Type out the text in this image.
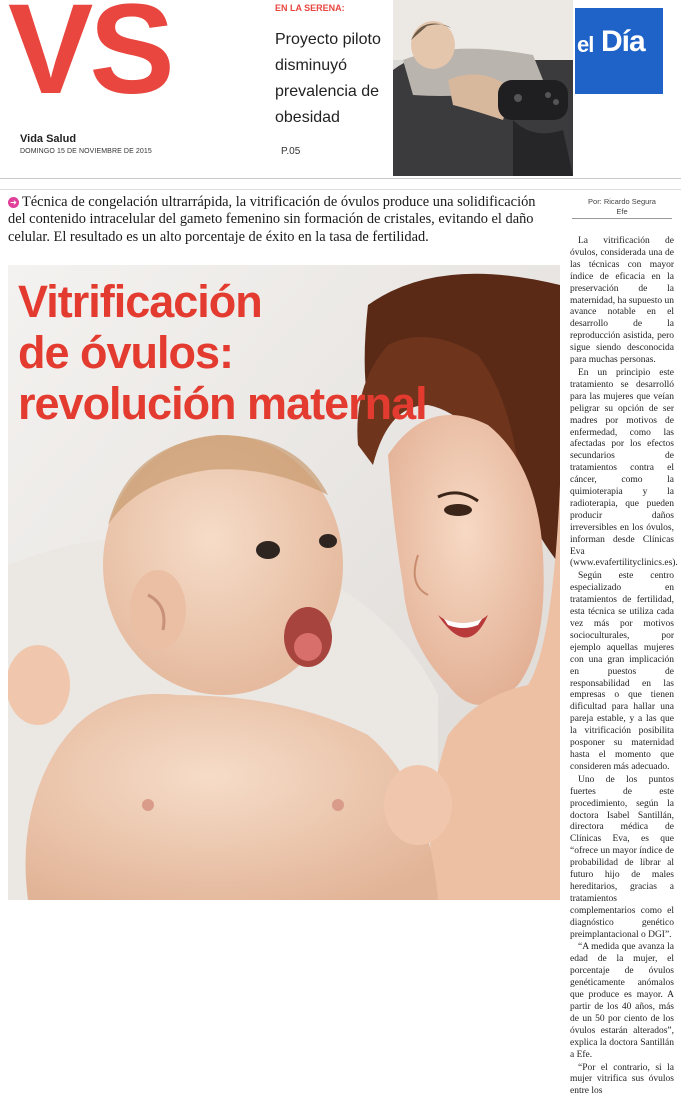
VS
Vida Salud
DOMINGO 15 DE NOVIEMBRE DE 2015
EN LA SERENA:
Proyecto piloto disminuyó prevalencia de obesidad
P.05
el Día
➜ Técnica de congelación ultrarrápida, la vitrificación de óvulos produce una solidificación del contenido intracelular del gameto femenino sin formación de cristales, evitando el daño celular. El resultado es un alto porcentaje de éxito en la tasa de fertilidad.
Por: Ricardo Segura
Efe
Vitrificación
de óvulos:
revolución maternal

La vitrificación de óvulos, considerada una de las técnicas con mayor índice de eficacia en la preservación de la maternidad, ha supuesto un avance notable en el desarrollo de la reproducción asistida, pero sigue siendo desconocida para muchas personas.

En un principio este tratamiento se desarrolló para las mujeres que veían peligrar su opción de ser madres por motivos de enfermedad, como las afectadas por los efectos secundarios de tratamientos contra el cáncer, como la quimioterapia y la radioterapia, que pueden producir daños irreversibles en los óvulos, informan desde Clínicas Eva (www.evafertilityclinics.es).

Según este centro especializado en tratamientos de fertilidad, esta técnica se utiliza cada vez más por motivos socioculturales, por ejemplo aquellas mujeres con una gran implicación en puestos de responsabilidad en las empresas o que tienen dificultad para hallar una pareja estable, y a las que la vitrificación posibilita posponer su maternidad hasta el momento que consideren más adecuado.

Uno de los puntos fuertes de este procedimiento, según la doctora Isabel Santillán, directora médica de Clínicas Eva, es que “ofrece un mayor índice de probabilidad de librar al futuro hijo de males hereditarios, gracias a tratamientos complementarios como el diagnóstico genético preimplantacional o DGI”.

“A medida que avanza la edad de la mujer, el porcentaje de óvulos genéticamente anómalos que produce es mayor. A partir de los 40 años, más de un 50 por ciento de los óvulos estarán alterados”, explica la doctora Santillán a Efe.

“Por el contrario, si la mujer vitrifica sus óvulos entre los
